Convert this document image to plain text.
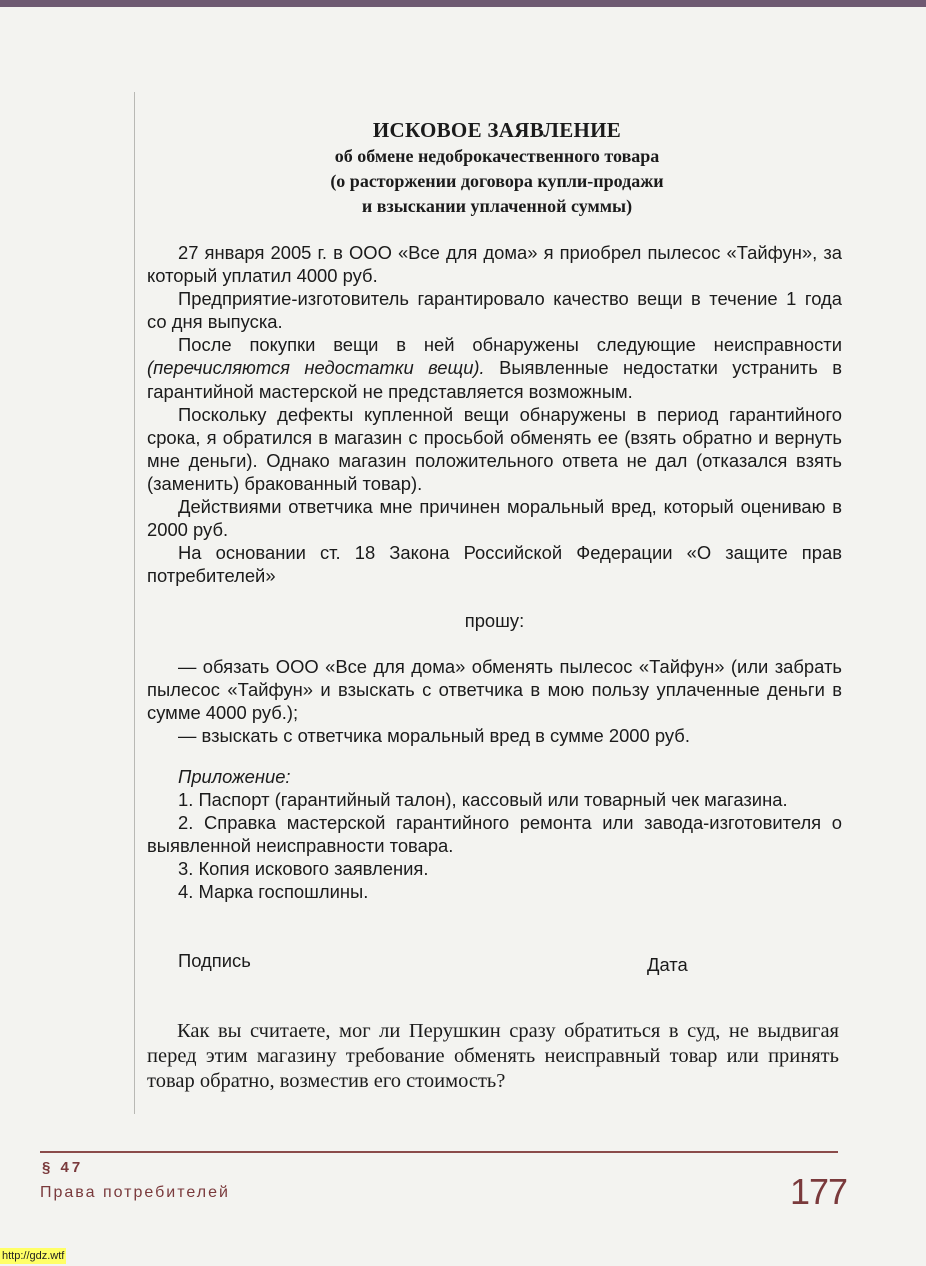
ИСКОВОЕ ЗАЯВЛЕНИЕ
об обмене недоброкачественного товара
(о расторжении договора купли-продажи
и взыскании уплаченной суммы)

27 января 2005 г. в ООО «Все для дома» я приобрел пылесос «Тайфун», за который уплатил 4000 руб.

Предприятие-изготовитель гарантировало качество вещи в течение 1 года со дня выпуска.

После покупки вещи в ней обнаружены следующие неисправности (перечисляются недостатки вещи). Выявленные недостатки устранить в гарантийной мастерской не представляется возможным.

Поскольку дефекты купленной вещи обнаружены в период гарантийного срока, я обратился в магазин с просьбой обменять ее (взять обратно и вернуть мне деньги). Однако магазин положительного ответа не дал (отказался взять (заменить) бракованный товар).

Действиями ответчика мне причинен моральный вред, который оцениваю в 2000 руб.

На основании ст. 18 Закона Российской Федерации «О защите прав потребителей»

прошу:

— обязать ООО «Все для дома» обменять пылесос «Тайфун» (или забрать пылесос «Тайфун» и взыскать с ответчика в мою пользу уплаченные деньги в сумме 4000 руб.);

— взыскать с ответчика моральный вред в сумме 2000 руб.

Приложение:

1. Паспорт (гарантийный талон), кассовый или товарный чек магазина.

2. Справка мастерской гарантийного ремонта или завода-изготовителя о выявленной неисправности товара.

3. Копия искового заявления.

4. Марка госпошлины.

Подпись	Дата

Как вы считаете, мог ли Перушкин сразу обратиться в суд, не выдвигая перед этим магазину требование обменять неисправный товар или принять товар обратно, возместив его стоимость?

§ 47
Права потребителей	177
http://gdz.wtf
